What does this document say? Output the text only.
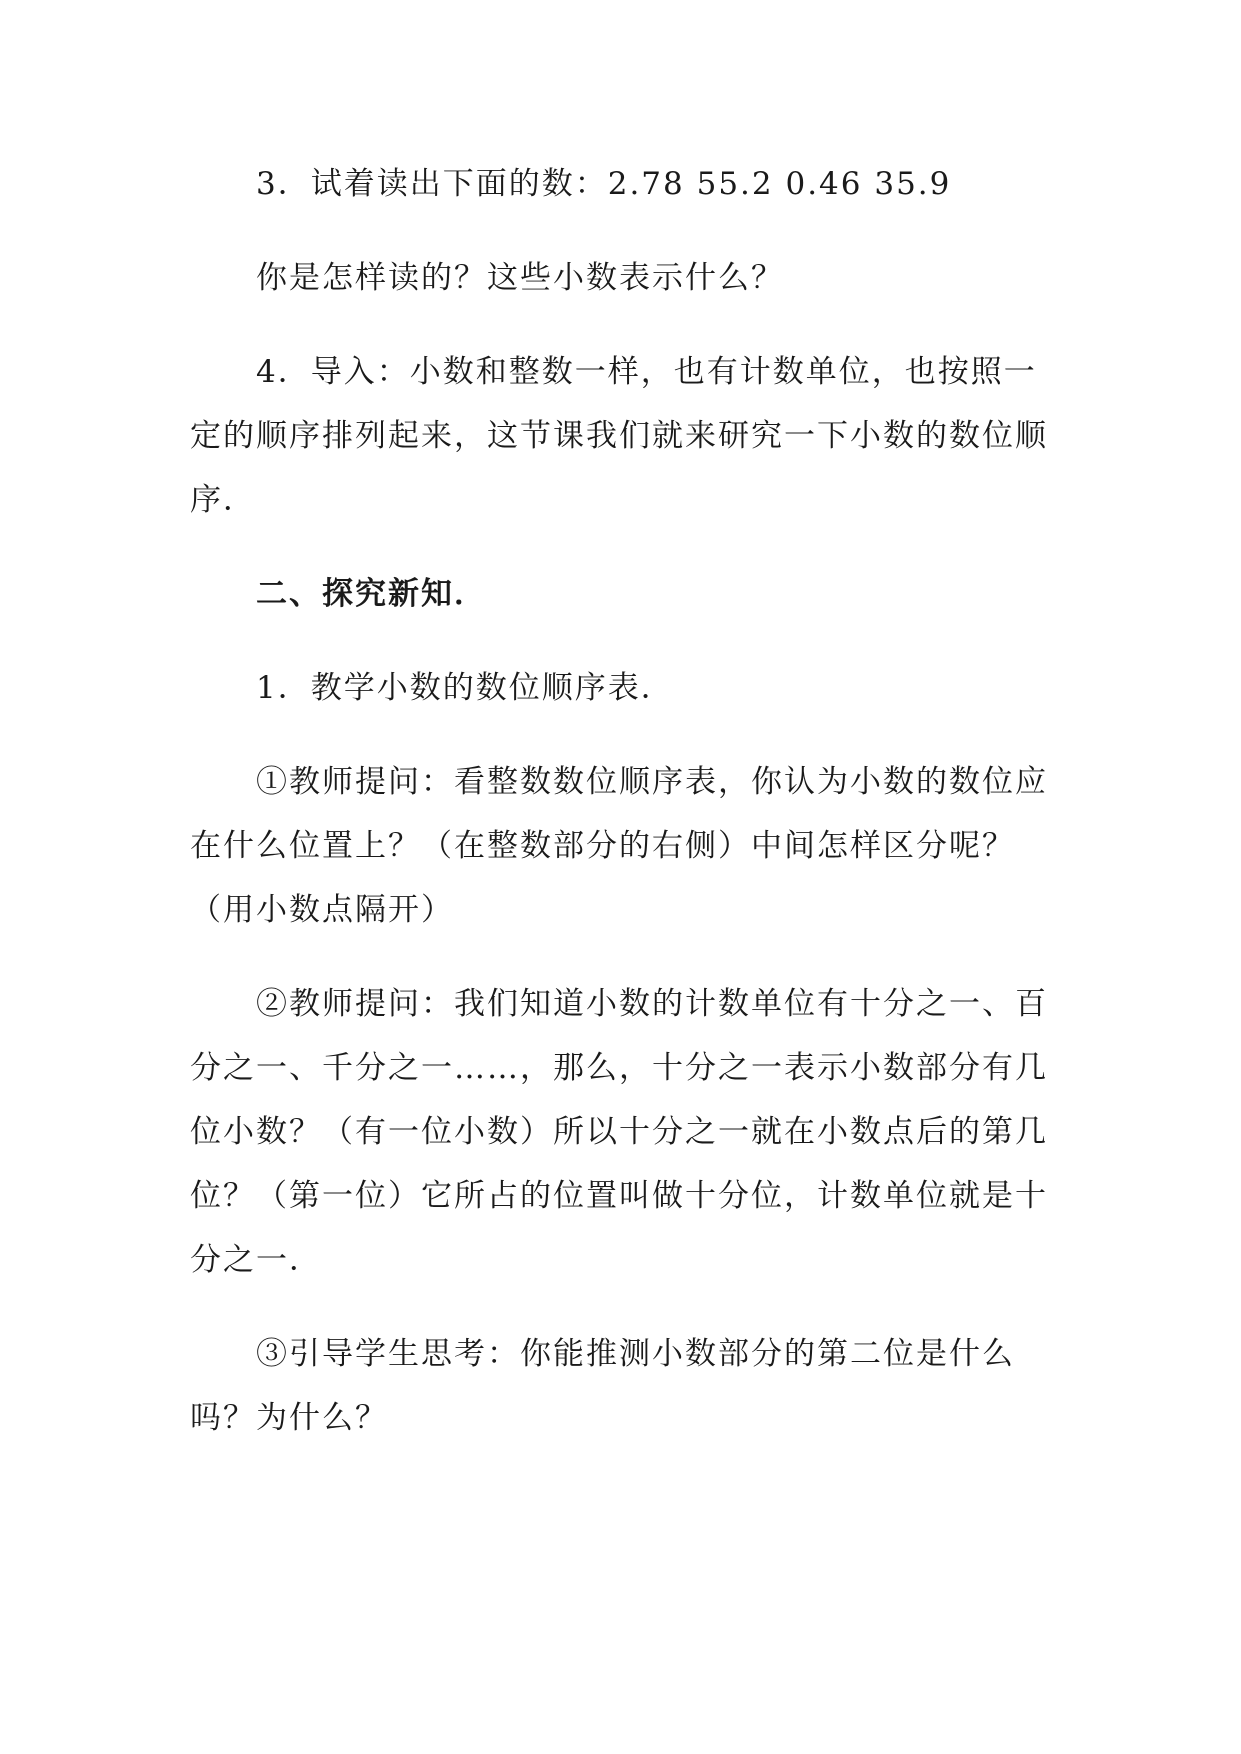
3．试着读出下面的数：2.78 55.2 0.46 35.9
你是怎样读的？这些小数表示什么？
4．导入：小数和整数一样，也有计数单位，也按照一
定的顺序排列起来，这节课我们就来研究一下小数的数位顺
序．
二、探究新知．
1．教学小数的数位顺序表．
①教师提问：看整数数位顺序表，你认为小数的数位应
在什么位置上？（在整数部分的右侧）中间怎样区分呢？
（用小数点隔开）
②教师提问：我们知道小数的计数单位有十分之一、百
分之一、千分之一……，那么，十分之一表示小数部分有几
位小数？（有一位小数）所以十分之一就在小数点后的第几
位？（第一位）它所占的位置叫做十分位，计数单位就是十
分之一．
③引导学生思考：你能推测小数部分的第二位是什么
吗？为什么？
